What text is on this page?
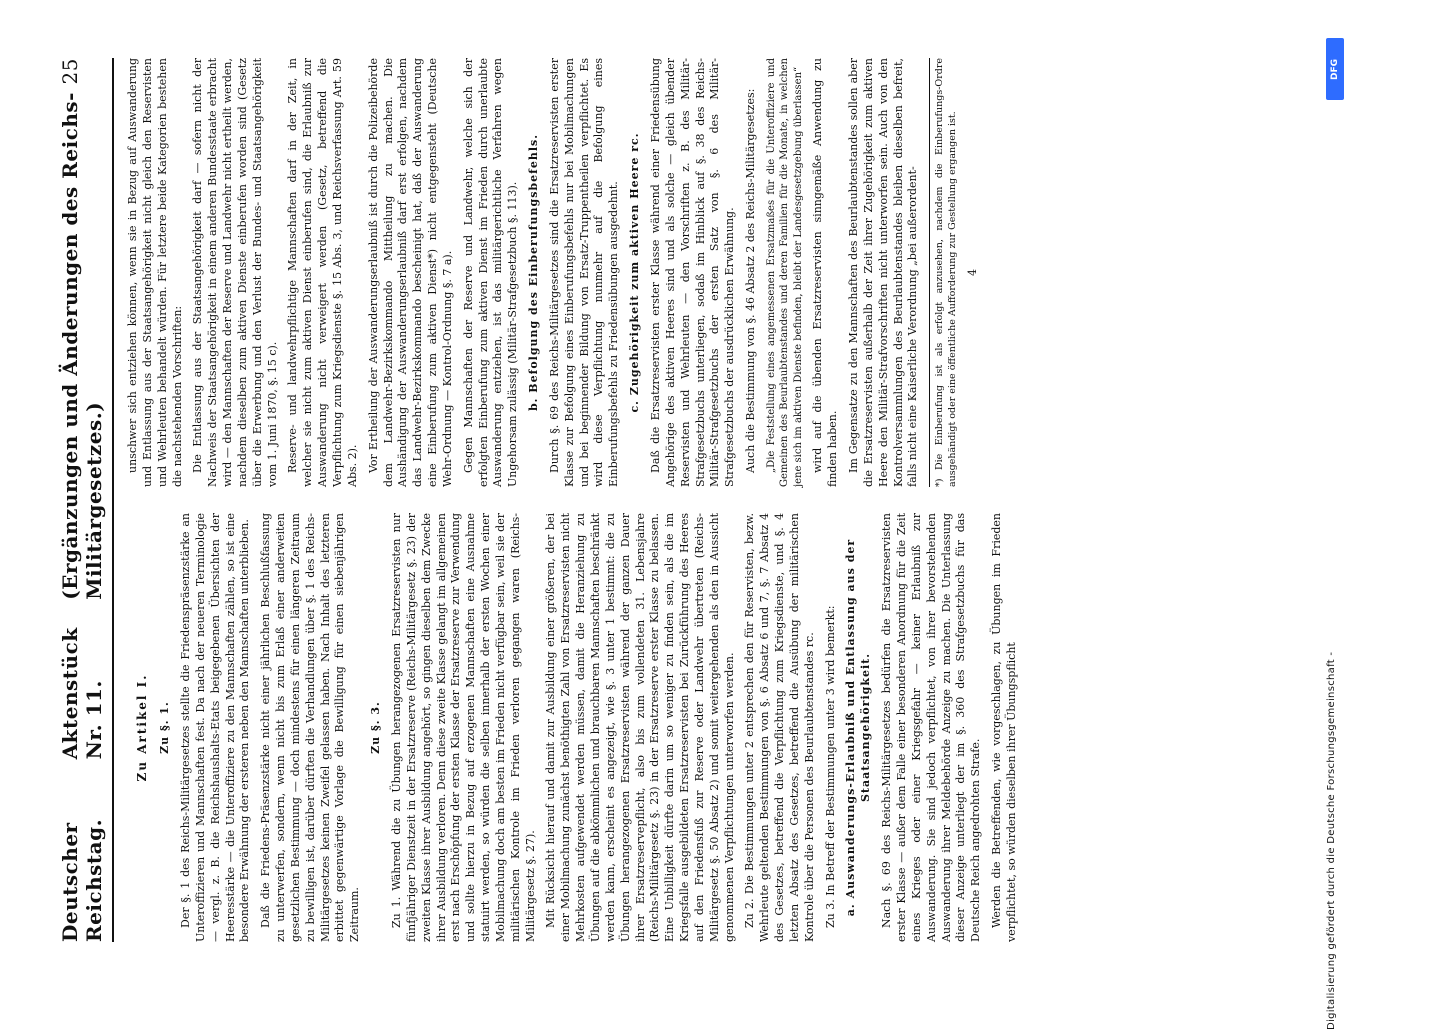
DFG
Digitalisierung gefördert durch die Deutsche Forschungsgemeinschaft -
Deutscher Reichstag.
Aktenstück Nr. 11.
(Ergänzungen und Änderungen des Reichs-Militärgesetzes.)
25
Zu Artikel I. Zu §. 1. Der §. 1 des Reichs-Militärgesetzes stellte die Friedenspräsenzstärke an Unteroffizieren und Mannschaften fest. Da nach der neueren Terminologie — vergl. z. B. die Reichshaushalts-Etats beigegebenen Übersichten der Heeresstärke — die Unteroffiziere zu den Mannschaften zählen, so ist eine besondere Erwähnung der ersteren neben den Mannschaften unterblieben. Daß die Friedens-Präsenzstärke nicht einer jährlichen Beschlußfassung zu unterwerfen, sondern, wenn nicht bis zum Erlaß einer anderweiten gesetzlichen Bestimmung — doch mindestens für einen längeren Zeitraum zu bewilligen ist, darüber dürften die Verhandlungen über §. 1 des Reichs-Militärgesetzes keinen Zweifel gelassen haben. Nach Inhalt des letzteren erbittet gegenwärtige Vorlage die Bewilligung für einen siebenjährigen Zeitraum.

Zu §. 3. Zu 1. Während die zu Übungen herangezogenen Ersatzreservisten nur fünfjähriger Dienstzeit in der Ersatzreserve (Reichs-Militärgesetz §. 23) der zweiten Klasse ihrer Ausbildung angehört, so gingen dieselben dem Zwecke ihrer Ausbildung verloren. Denn diese zweite Klasse gelangt im allgemeinen erst nach Erschöpfung der ersten Klasse der Ersatzreserve zur Verwendung und sollte hierzu in Bezug auf erzogenen Mannschaften eine Ausnahme statuirt werden, so würden die selben innerhalb der ersten Wochen einer Mobilmachung doch am besten im Frieden nicht verfügbar sein, weil sie der militärischen Kontrole im Frieden verloren gegangen waren (Reichs-Militärgesetz §. 27). Mit Rücksicht hierauf und damit zur Ausbildung einer größeren, der bei einer Mobilmachung zunächst benöthigten Zahl von Ersatzreservisten nicht Mehrkosten aufgewendet werden müssen, damit die Heranziehung zu Übungen auf die abkömmlichen und brauchbaren Mannschaften beschränkt werden kann, erscheint es angezeigt, wie §. 3 unter 1 bestimmt: die zu Übungen herangezogenen Ersatzreservisten während der ganzen Dauer ihrer Ersatzreservepflicht, also bis zum vollendeten 31. Lebensjahre (Reichs-Militärgesetz §. 23) in der Ersatzreserve erster Klasse zu belassen. Eine Unbilligkeit dürfte darin um so weniger zu finden sein, als die im Kriegsfalle ausgebildeten Ersatzreservisten bei Zurückführung des Heeres auf den Friedensfuß zur Reserve oder Landwehr übertreten (Reichs-Militärgesetz §. 50 Absatz 2) und somit weitergehenden als den in Aussicht genommenen Verpflichtungen unterworfen werden. Zu 2. Die Bestimmungen unter 2 entsprechen den für Reservisten, bezw. Wehrleute geltenden Bestimmungen von §. 6 Absatz 6 und 7, §. 7 Absatz 4 des Gesetzes, betreffend die Verpflichtung zum Kriegsdienste, und §. 4 letzten Absatz des Gesetzes, betreffend die Ausübung der militärischen Kontrole über die Personen des Beurlaubtenstandes rc. Zu 3. In Betreff der Bestimmungen unter 3 wird bemerkt: a. Auswanderungs-Erlaubniß und Entlassung aus der Staatsangehörigkeit. Nach §. 69 des Reichs-Militärgesetzes bedürfen die Ersatzreservisten erster Klasse — außer dem Falle einer besonderen Anordnung für die Zeit eines Krieges oder einer Kriegsgefahr — keiner Erlaubniß zur Auswanderung. Sie sind jedoch verpflichtet, von ihrer bevorstehenden Auswanderung ihrer Meldebehörde Anzeige zu machen. Die Unterlassung dieser Anzeige unterliegt der im §. 360 des Strafgesetzbuchs für das Deutsche Reich angedrohten Strafe. Werden die Betreffenden, wie vorgeschlagen, zu Übungen im Frieden verpflichtet, so würden dieselben ihrer Übungspflicht

unschwer sich entziehen können, wenn sie in Bezug auf Auswanderung und Entlassung aus der Staatsangehörigkeit nicht gleich den Reservisten und Wehrleuten behandelt würden. Für letztere beide Kategorien bestehen die nachstehenden Vorschriften: Die Entlassung aus der Staatsangehörigkeit darf — sofern nicht der Nachweis der Staatsangehörigkeit in einem anderen Bundesstaate erbracht wird — den Mannschaften der Reserve und Landwehr nicht ertheilt werden, nachdem dieselben zum aktiven Dienste einberufen worden sind (Gesetz über die Erwerbung und den Verlust der Bundes- und Staatsangehörigkeit vom 1. Juni 1870, §. 15 c). Reserve- und landwehrpflichtige Mannschaften darf in der Zeit, in welcher sie nicht zum aktiven Dienst einberufen sind, die Erlaubniß zur Auswanderung nicht verweigert werden (Gesetz, betreffend die Verpflichtung zum Kriegsdienste §. 15 Abs. 3, und Reichsverfassung Art. 59 Abs. 2). Vor Ertheilung der Auswanderungserlaubniß ist durch die Polizeibehörde dem Landwehr-Bezirkskommando Mittheilung zu machen. Die Aushändigung der Auswanderungserlaubniß darf erst erfolgen, nachdem das Landwehr-Bezirkskommando bescheinigt hat, daß der Auswanderung eine Einberufung zum aktiven Dienst*) nicht entgegensteht (Deutsche Wehr-Ordnung — Kontrol-Ordnung §. 7 a). Gegen Mannschaften der Reserve und Landwehr, welche sich der erfolgten Einberufung zum aktiven Dienst im Frieden durch unerlaubte Auswanderung entziehen, ist das militärgerichtliche Verfahren wegen Ungehorsam zulässig (Militär-Strafgesetzbuch §. 113). b. Befolgung des Einberufungsbefehls. Durch §. 69 des Reichs-Militärgesetzes sind die Ersatzreservisten erster Klasse zur Befolgung eines Einberufungsbefehls nur bei Mobilmachungen und bei beginnender Bildung von Ersatz-Truppentheilen verpflichtet. Es wird diese Verpflichtung nunmehr auf die Befolgung eines Einberufungsbefehls zu Friedensübungen ausgedehnt. c. Zugehörigkeit zum aktiven Heere rc. Daß die Ersatzreservisten erster Klasse während einer Friedensübung Angehörige des aktiven Heeres sind und als solche — gleich übender Reservisten und Wehrleuten — den Vorschriften z. B. des Militär-Strafgesetzbuchs unterliegen, sodaß im Hinblick auf §. 38 des Reichs-Militär-Strafgesetzbuchs der ersten Satz von §. 6 des Militär-Strafgesetzbuchs der ausdrücklichen Erwähnung. Auch die Bestimmung von §. 46 Absatz 2 des Reichs-Militärgesetzes: „Die Feststellung eines angemessenen Ersatzmaßes für die Unteroffiziere und Gemeinen des Beurlaubtenstandes und deren Familien für die Monate, in welchen jene sich im aktiven Dienste befinden, bleibt der Landesgesetzgebung überlassen“ wird auf die übenden Ersatzreservisten sinngemäße Anwendung zu finden haben. Im Gegensatze zu den Mannschaften des Beurlaubtenstandes sollen aber die Ersatzreservisten außerhalb der Zeit ihrer Zugehörigkeit zum aktiven Heere den Militär-Strafvorschriften nicht unterworfen sein. Auch von den Kontrolversammlungen des Beurlaubtenstandes bleiben dieselben befreit, falls nicht eine Kaiserliche Verordnung „bei außerordent-	*) Die Einberufung ist als erfolgt anzusehen, nachdem die Einberufungs-Ordre ausgehändigt oder eine öffentliche Aufforderung zur Gestellung ergangen ist. 4
